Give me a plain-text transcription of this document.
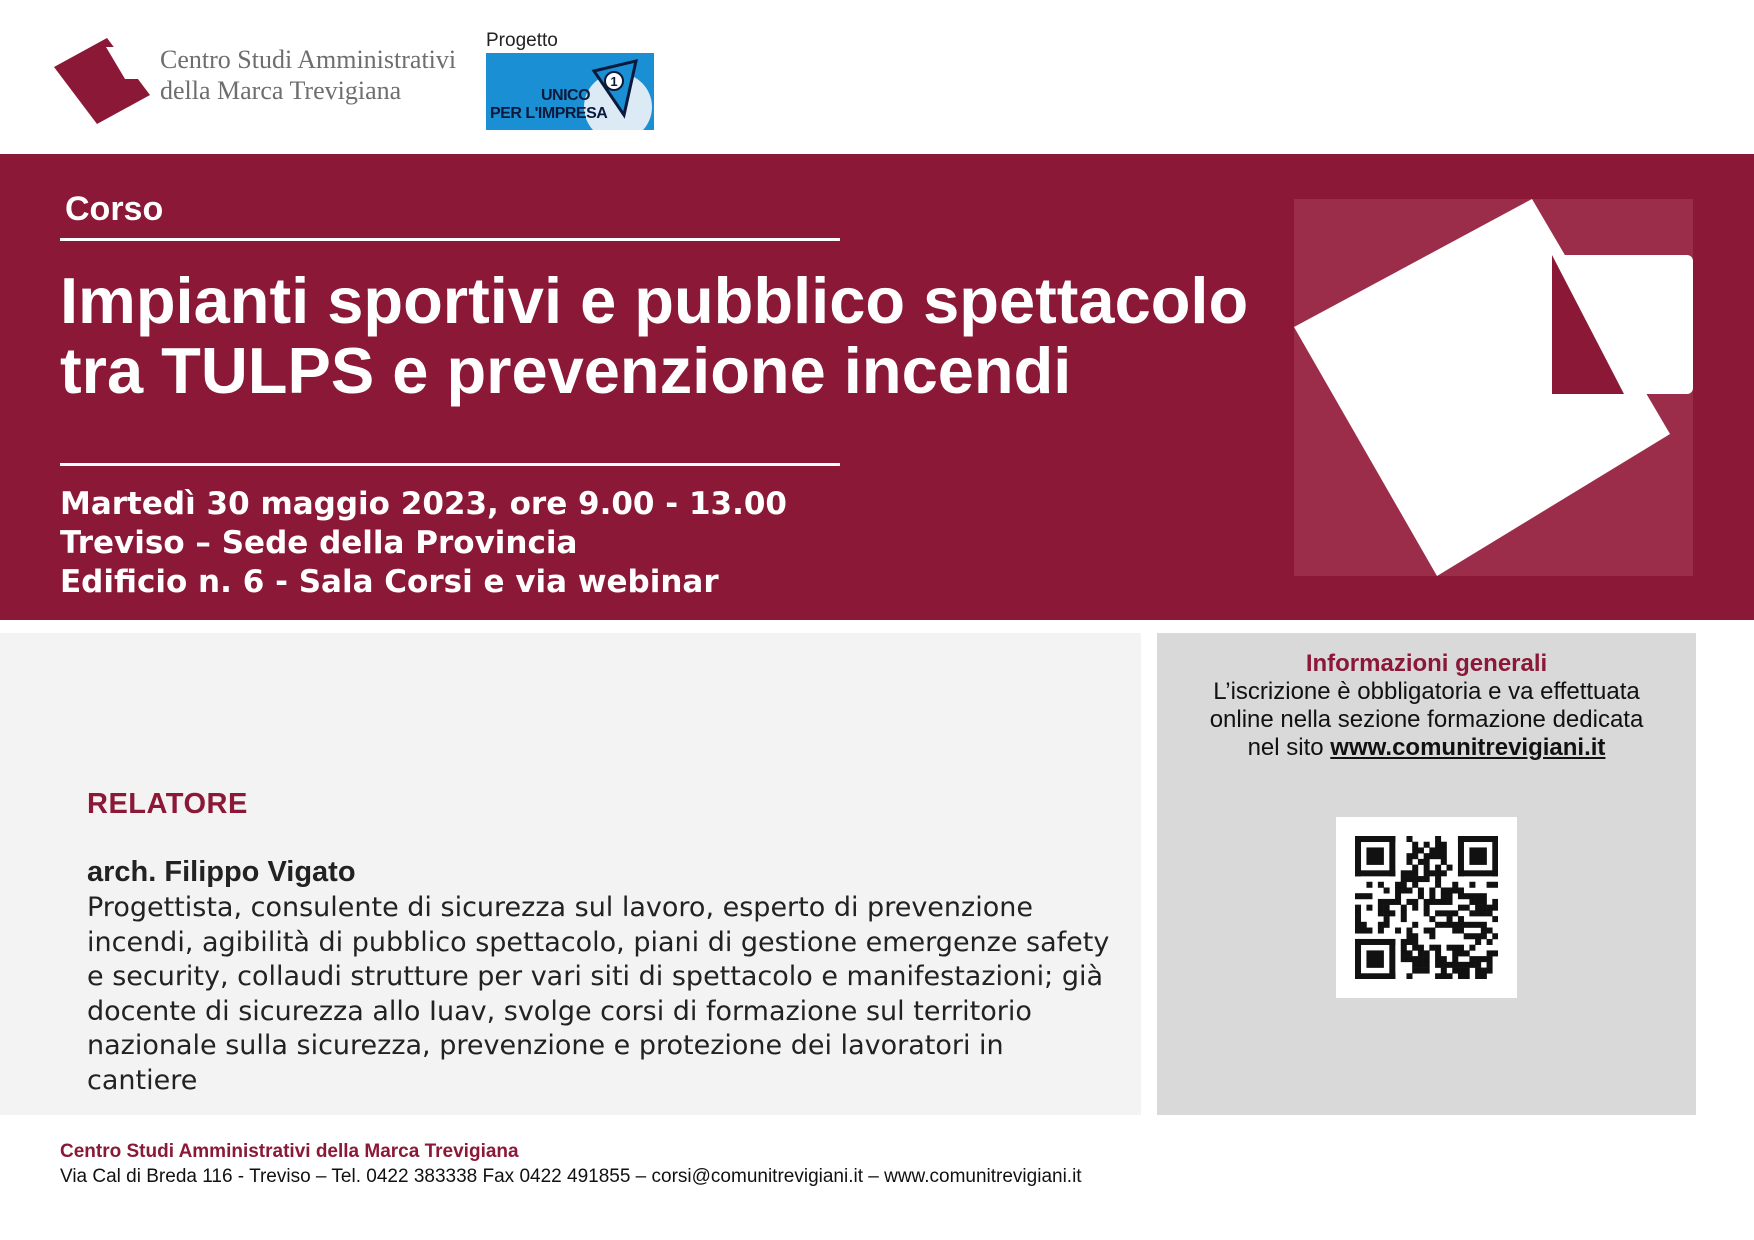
Centro Studi Amministrativi
della Marca Trevigiana
Progetto
1
UNICO
PER L'IMPRESA
Corso
Impianti sportivi e pubblico spettacolo
tra TULPS e prevenzione incendi
Martedì 30 maggio 2023, ore 9.00 - 13.00
Treviso – Sede della Provincia
Edificio n. 6 - Sala Corsi e via webinar
RELATORE
arch. Filippo Vigato
Progettista, consulente di sicurezza sul lavoro, esperto di prevenzione
incendi, agibilità di pubblico spettacolo, piani di gestione emergenze safety
e security, collaudi strutture per vari siti di spettacolo e manifestazioni; già
docente di sicurezza allo Iuav, svolge corsi di formazione sul territorio
nazionale sulla sicurezza, prevenzione e protezione dei lavoratori in
cantiere
Informazioni generali
L’iscrizione è obbligatoria e va effettuata
online nella sezione formazione dedicata
nel sito www.comunitrevigiani.it
Centro Studi Amministrativi della Marca Trevigiana
Via Cal di Breda 116 - Treviso – Tel. 0422 383338 Fax 0422 491855 – corsi@comunitrevigiani.it – www.comunitrevigiani.it
